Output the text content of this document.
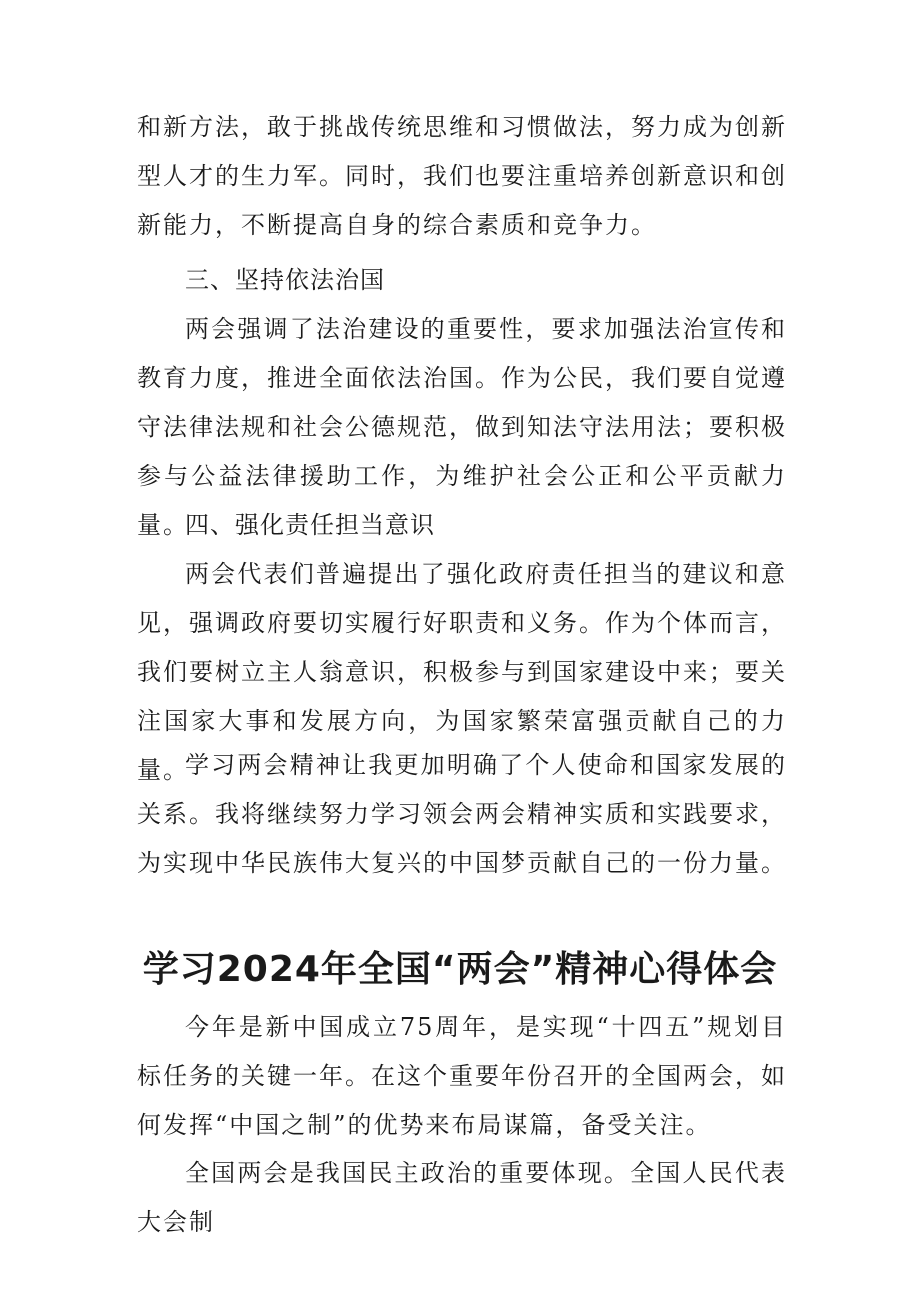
和新方法，敢于挑战传统思维和习惯做法，努力成为创新型人才的生力军。同时，我们也要注重培养创新意识和创新能力，不断提高自身的综合素质和竞争力。

三、坚持依法治国

两会强调了法治建设的重要性，要求加强法治宣传和教育力度，推进全面依法治国。作为公民，我们要自觉遵守法律法规和社会公德规范，做到知法守法用法；要积极参与公益法律援助工作，为维护社会公正和公平贡献力量。

四、强化责任担当意识

两会代表们普遍提出了强化政府责任担当的建议和意见，强调政府要切实履行好职责和义务。作为个体而言，我们要树立主人翁意识，积极参与到国家建设中来；要关注国家大事和发展方向，为国家繁荣富强贡献自己的力量。

学习两会精神让我更加明确了个人使命和国家发展的关系。我将继续努力学习领会两会精神实质和实践要求，为实现中华民族伟大复兴的中国梦贡献自己的一份力量。

学习2024年全国“两会”精神心得体会

今年是新中国成立75周年，是实现“十四五”规划目标任务的关键一年。在这个重要年份召开的全国两会，如何发挥“中国之制”的优势来布局谋篇，备受关注。

全国两会是我国民主政治的重要体现。全国人民代表大会制
